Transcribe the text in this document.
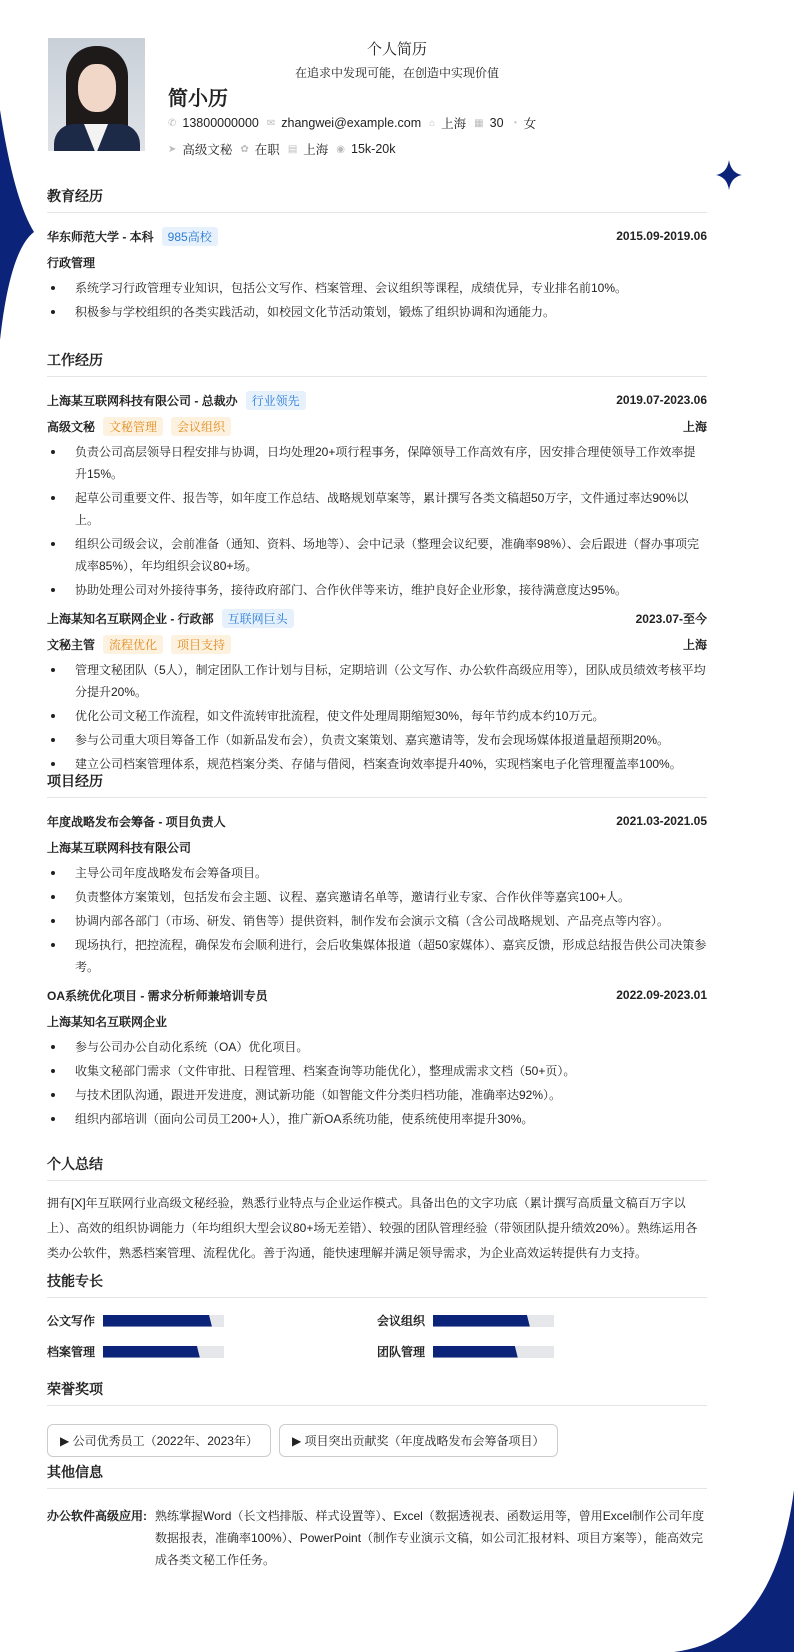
个人简历
在追求中发现可能，在创造中实现价值
简小历
✆ 13800000000 ✉ zhangwei@example.com ⌂ 上海 ▦ 30 ◔ 女
➤ 高级文秘 ✿ 在职 ▤ 上海 ◉ 15k-20k
教育经历
华东师范大学 - 本科	985高校	2015.09-2019.06
行政管理
系统学习行政管理专业知识，包括公文写作、档案管理、会议组织等课程，成绩优异，专业排名前10%。
积极参与学校组织的各类实践活动，如校园文化节活动策划，锻炼了组织协调和沟通能力。
工作经历
上海某互联网科技有限公司 - 总裁办	行业领先	2019.07-2023.06
高级文秘	文秘管理	会议组织	上海
负责公司高层领导日程安排与协调，日均处理20+项行程事务，保障领导工作高效有序，因安排合理使领导工作效率提升15%。
起草公司重要文件、报告等，如年度工作总结、战略规划草案等，累计撰写各类文稿超50万字，文件通过率达90%以上。
组织公司级会议，会前准备（通知、资料、场地等）、会中记录（整理会议纪要，准确率98%）、会后跟进（督办事项完成率85%），年均组织会议80+场。
协助处理公司对外接待事务，接待政府部门、合作伙伴等来访，维护良好企业形象，接待满意度达95%。
上海某知名互联网企业 - 行政部	互联网巨头	2023.07-至今
文秘主管	流程优化	项目支持	上海
管理文秘团队（5人），制定团队工作计划与目标，定期培训（公文写作、办公软件高级应用等），团队成员绩效考核平均分提升20%。
优化公司文秘工作流程，如文件流转审批流程，使文件处理周期缩短30%，每年节约成本约10万元。
参与公司重大项目筹备工作（如新品发布会），负责文案策划、嘉宾邀请等，发布会现场媒体报道量超预期20%。
建立公司档案管理体系，规范档案分类、存储与借阅，档案查询效率提升40%，实现档案电子化管理覆盖率100%。
项目经历
年度战略发布会筹备 - 项目负责人	2021.03-2021.05
上海某互联网科技有限公司
主导公司年度战略发布会筹备项目。
负责整体方案策划，包括发布会主题、议程、嘉宾邀请名单等，邀请行业专家、合作伙伴等嘉宾100+人。
协调内部各部门（市场、研发、销售等）提供资料，制作发布会演示文稿（含公司战略规划、产品亮点等内容）。
现场执行，把控流程，确保发布会顺利进行，会后收集媒体报道（超50家媒体）、嘉宾反馈，形成总结报告供公司决策参考。
OA系统优化项目 - 需求分析师兼培训专员	2022.09-2023.01
上海某知名互联网企业
参与公司办公自动化系统（OA）优化项目。
收集文秘部门需求（文件审批、日程管理、档案查询等功能优化），整理成需求文档（50+页）。
与技术团队沟通，跟进开发进度，测试新功能（如智能文件分类归档功能，准确率达92%）。
组织内部培训（面向公司员工200+人），推广新OA系统功能，使系统使用率提升30%。
个人总结
拥有[X]年互联网行业高级文秘经验，熟悉行业特点与企业运作模式。具备出色的文字功底（累计撰写高质量文稿百万字以上）、高效的组织协调能力（年均组织大型会议80+场无差错）、较强的团队管理经验（带领团队提升绩效20%）。熟练运用各类办公软件，熟悉档案管理、流程优化。善于沟通，能快速理解并满足领导需求，为企业高效运转提供有力支持。
技能专长
公文写作	会议组织
档案管理	团队管理
荣誉奖项
▶ 公司优秀员工（2022年、2023年）	▶ 项目突出贡献奖（年度战略发布会筹备项目）
其他信息
办公软件高级应用: 熟练掌握Word（长文档排版、样式设置等）、Excel（数据透视表、函数运用等，曾用Excel制作公司年度数据报表，准确率100%）、PowerPoint（制作专业演示文稿，如公司汇报材料、项目方案等），能高效完成各类文秘工作任务。
